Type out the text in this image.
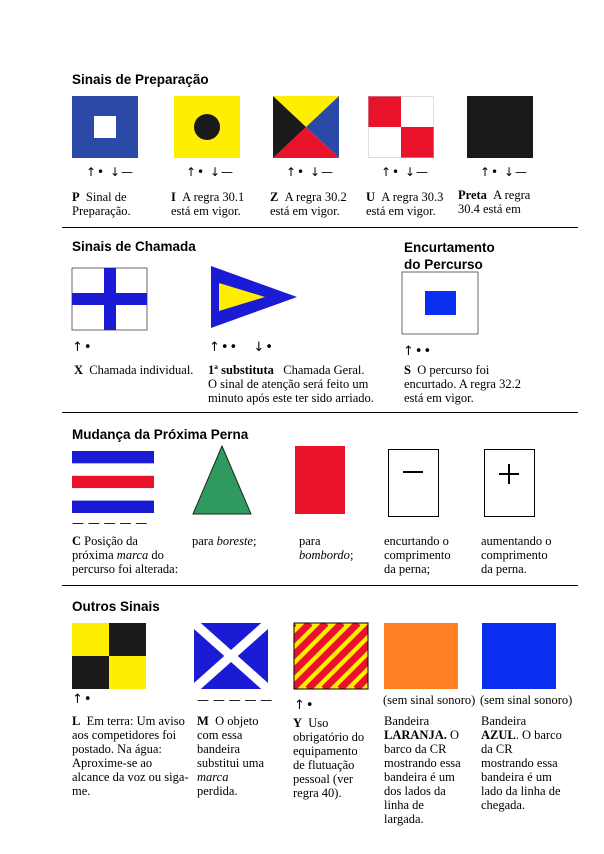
Sinais de Preparação
↑• ↓—	↑• ↓—	↑• ↓—	↑• ↓—	↑• ↓—
P Sinal de Preparação.
I A regra 30.1 está em vigor.
Z A regra 30.2 está em vigor.
U A regra 30.3 está em vigor.
Preta A regra 30.4 está em
Sinais de Chamada	Encurtamento
do Percurso
↑•	↑•• ↓•	↑••
X Chamada individual.	1ª substituta Chamada Geral. O sinal de atenção será feito um minuto após este ter sido arriado.
S O percurso foi encurtado. A regra 32.2 está em vigor.
Mudança da Próxima Perna
— — — — —
C Posição da próxima marca do percurso foi alterada:
para boreste;	para bombordo;
encurtando o comprimento da perna;
aumentando o comprimento da perna.
Outros Sinais
↑•	— — — — — ↑•	(sem sinal sonoro) (sem sinal sonoro)
L Em terra: Um aviso aos competidores foi postado. Na água: Aproxime-se ao alcance da voz ou siga-me.
M O objeto com essa bandeira substitui uma marca perdida.
Y Uso obrigatório do equipamento de flutuação pessoal (ver regra 40).
Bandeira LARANJA. O barco da CR mostrando essa bandeira é um dos lados da linha de largada.
Bandeira AZUL. O barco da CR mostrando essa bandeira é um lado da linha de chegada.
